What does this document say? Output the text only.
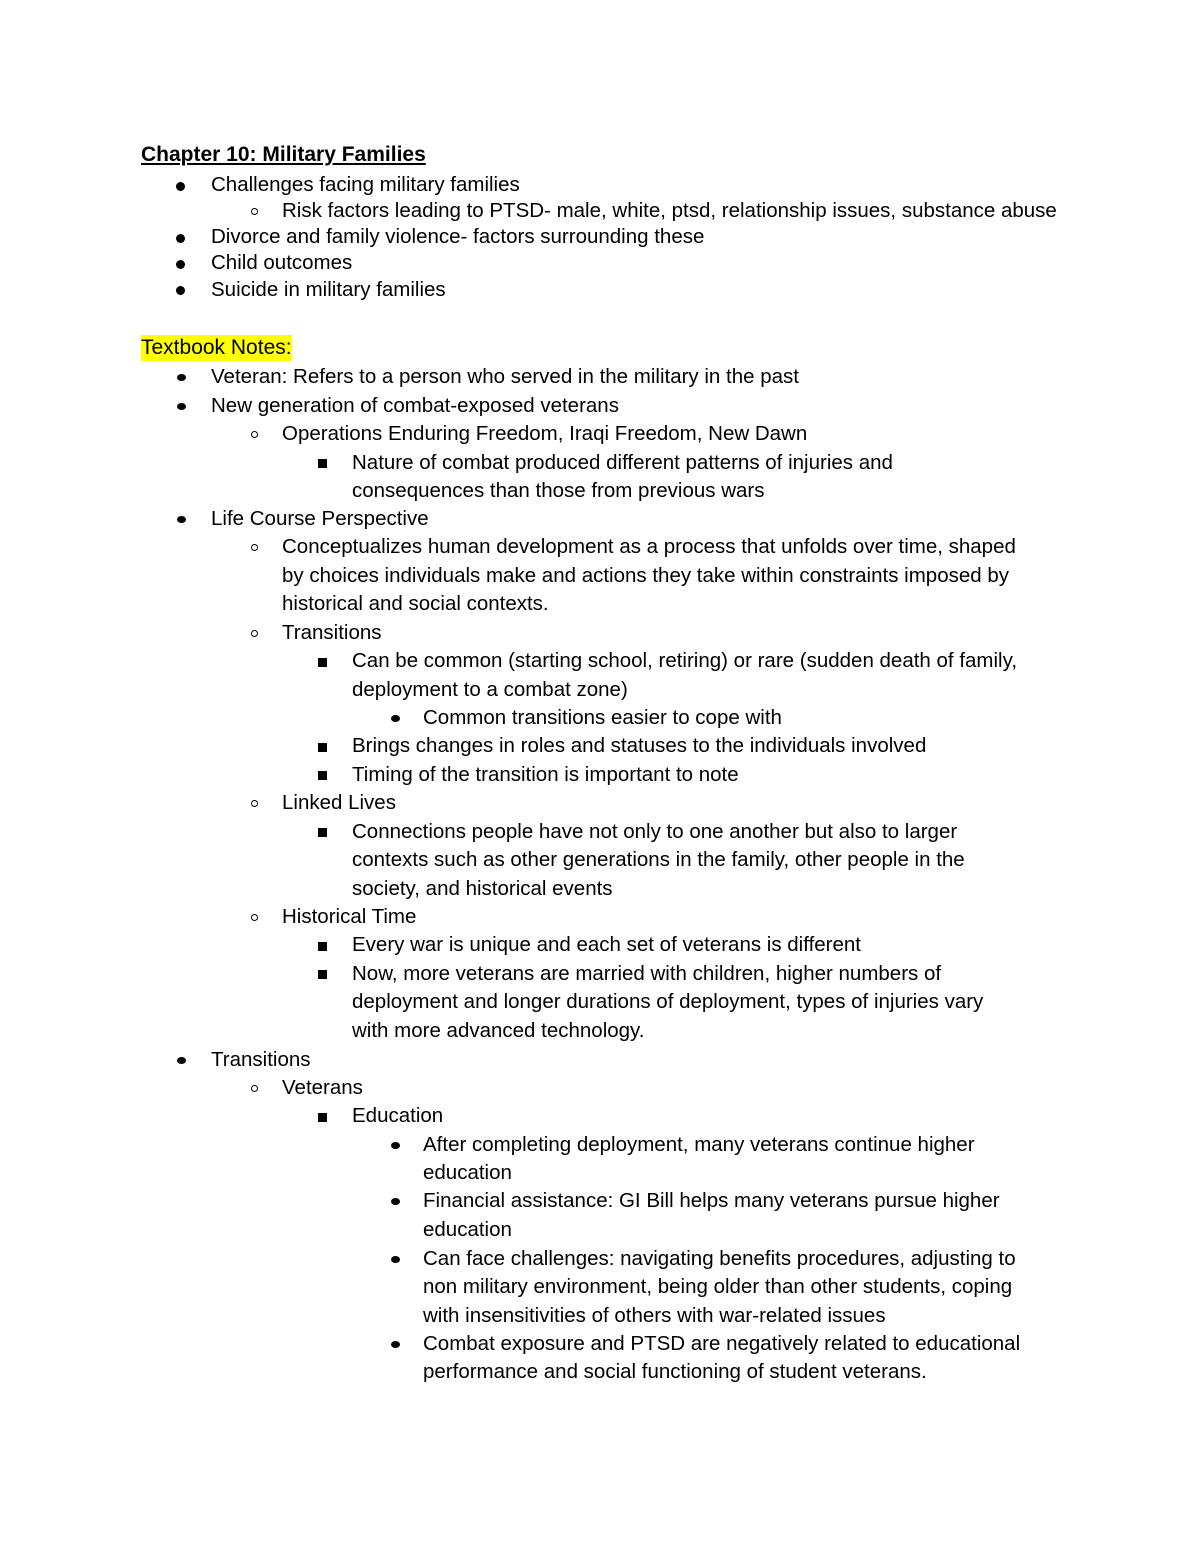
Chapter 10: Military Families
Challenges facing military families
Risk factors leading to PTSD- male, white, ptsd, relationship issues, substance abuse
Divorce and family violence- factors surrounding these
Child outcomes
Suicide in military families
Textbook Notes:
Veteran: Refers to a person who served in the military in the past
New generation of combat-exposed veterans
Operations Enduring Freedom, Iraqi Freedom, New Dawn
Nature of combat produced different patterns of injuries and
consequences than those from previous wars
Life Course Perspective
Conceptualizes human development as a process that unfolds over time, shaped
by choices individuals make and actions they take within constraints imposed by
historical and social contexts.
Transitions
Can be common (starting school, retiring) or rare (sudden death of family,
deployment to a combat zone)
Common transitions easier to cope with
Brings changes in roles and statuses to the individuals involved
Timing of the transition is important to note
Linked Lives
Connections people have not only to one another but also to larger
contexts such as other generations in the family, other people in the
society, and historical events
Historical Time
Every war is unique and each set of veterans is different
Now, more veterans are married with children, higher numbers of
deployment and longer durations of deployment, types of injuries vary
with more advanced technology.
Transitions
Veterans
Education
After completing deployment, many veterans continue higher
education
Financial assistance: GI Bill helps many veterans pursue higher
education
Can face challenges: navigating benefits procedures, adjusting to
non military environment, being older than other students, coping
with insensitivities of others with war-related issues
Combat exposure and PTSD are negatively related to educational
performance and social functioning of student veterans.
